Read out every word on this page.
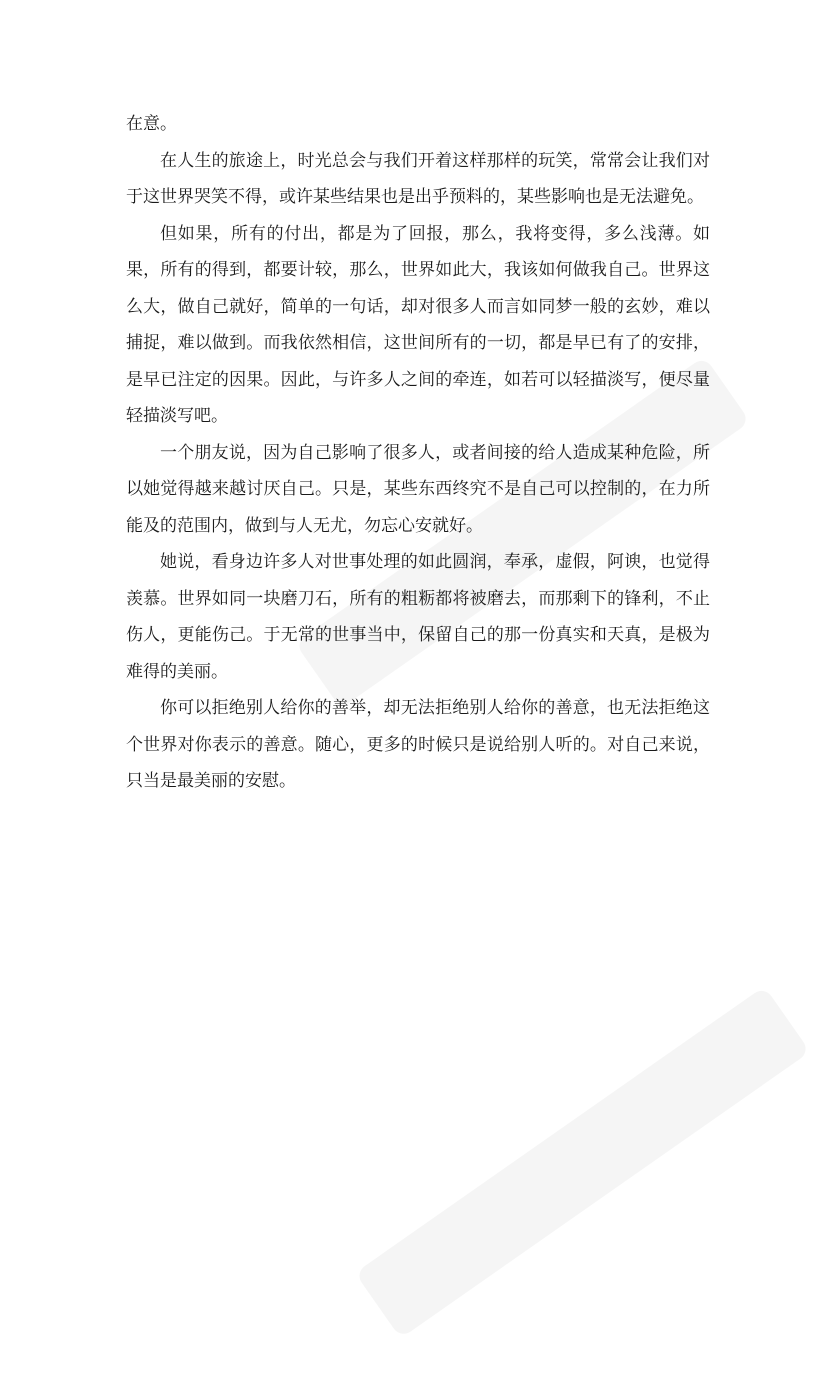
在意。

在人生的旅途上，时光总会与我们开着这样那样的玩笑，常常会让我们对于这世界哭笑不得，或许某些结果也是出乎预料的，某些影响也是无法避免。

但如果，所有的付出，都是为了回报，那么，我将变得，多么浅薄。如果，所有的得到，都要计较，那么，世界如此大，我该如何做我自己。世界这么大，做自己就好，简单的一句话，却对很多人而言如同梦一般的玄妙，难以捕捉，难以做到。而我依然相信，这世间所有的一切，都是早已有了的安排，是早已注定的因果。因此，与许多人之间的牵连，如若可以轻描淡写，便尽量轻描淡写吧。

一个朋友说，因为自己影响了很多人，或者间接的给人造成某种危险，所以她觉得越来越讨厌自己。只是，某些东西终究不是自己可以控制的，在力所能及的范围内，做到与人无尤，勿忘心安就好。

她说，看身边许多人对世事处理的如此圆润，奉承，虚假，阿谀，也觉得羡慕。世界如同一块磨刀石，所有的粗粝都将被磨去，而那剩下的锋利，不止伤人，更能伤己。于无常的世事当中，保留自己的那一份真实和天真，是极为难得的美丽。

你可以拒绝别人给你的善举，却无法拒绝别人给你的善意，也无法拒绝这个世界对你表示的善意。随心，更多的时候只是说给别人听的。对自己来说，只当是最美丽的安慰。
